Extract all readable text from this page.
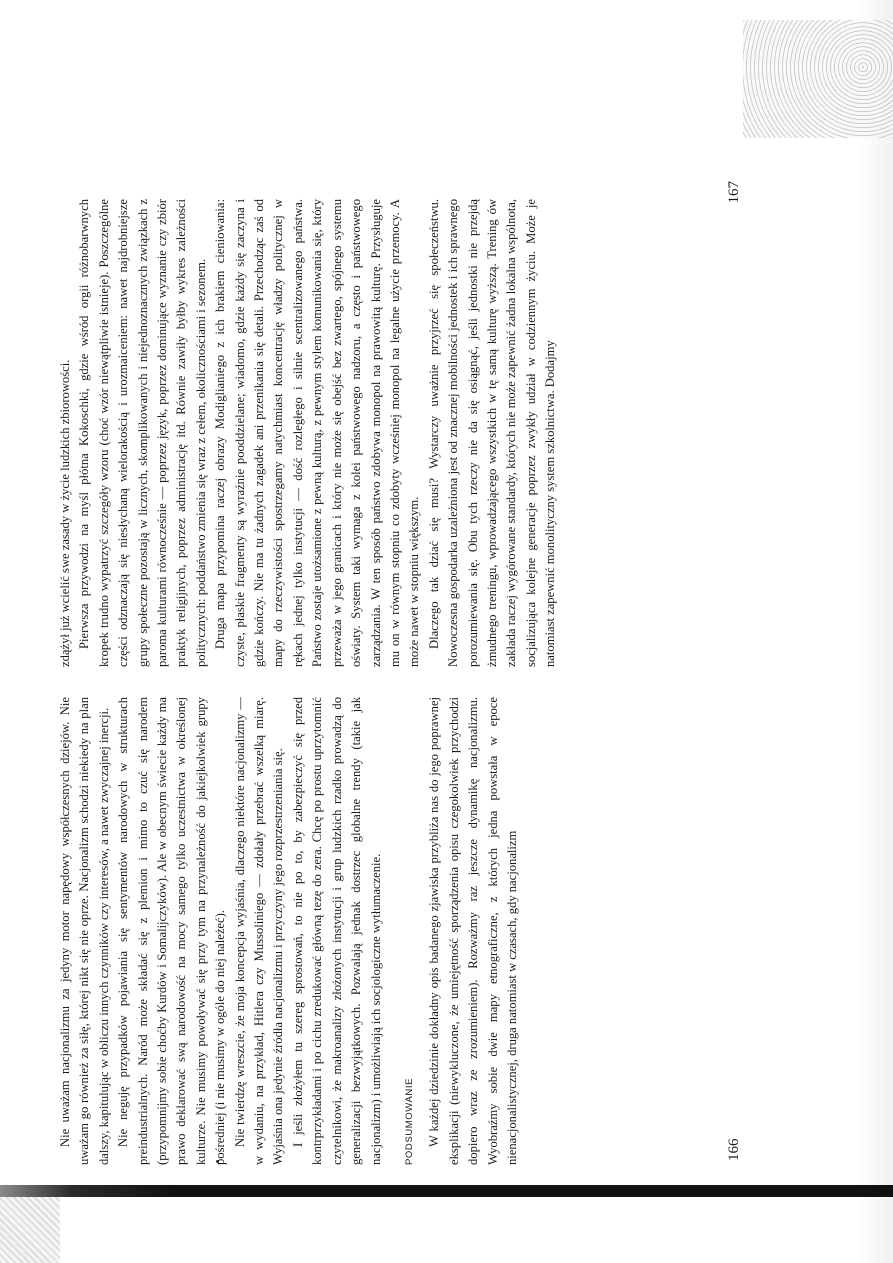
Nie uważam nacjonalizmu za jedyny motor napędowy współczesnych dziejów. Nie uważam go również za siłę, której nikt się nie oprze. Nacjonalizm schodzi niekiedy na plan dalszy, kapitulując w obliczu innych czynników czy interesów, a nawet zwyczajnej inercji. Nie neguję przypadków pojawiania się sentymentów narodowych w strukturach preindustrialnych. Naród może składać się z plemion i mimo to czuć się narodem (przypomnijmy sobie choćby Kurdów i Somalijczyków). Ale w obecnym świecie każdy ma prawo deklarować swą narodowość na mocy samego tylko uczestnictwa w określonej kulturze. Nie musimy powoływać się przy tym na przynależność do jakiejkolwiek grupy pośredniej (i nie musimy w ogóle do niej należeć). Nie twierdzę wreszcie, że moja koncepcja wyjaśnia, dlaczego niektóre nacjonalizmy — w wydaniu, na przykład, Hitlera czy Mussoliniego — zdołały przebrać wszelką miarę. Wyjaśnia ona jedynie źródła nacjonalizmu i przyczyny jego rozprzestrzeniania się. I jeśli złożyłem tu szereg sprostowań, to nie po to, by zabezpieczyć się przed kontrprzykładami i po cichu zredukować główną tezę do zera. Chcę po prostu uprzytomnić czytelnikowi, że makroanalizy złożonych instytucji i grup ludzkich rzadko prowadzą do generalizacji bezwyjątkowych. Pozwalają jednak dostrzec globalne trendy (takie jak nacjonalizm) i umożliwiają ich socjologiczne wytłumaczenie.	PODSUMOWANIE W każdej dziedzinie dokładny opis badanego zjawiska przybliża nas do jego poprawnej eksplikacji (niewykluczone, że umiejętność sporządzenia opisu czegokolwiek przychodzi dopiero wraz ze zrozumieniem). Rozważmy raz jeszcze dynamikę nacjonalizmu. Wyobraźmy sobie dwie mapy etnograficzne, z których jedna powstała w epoce nienacjonalistycznej, druga natomiast w czasach, gdy nacjonalizm

zdążył już wcielić swe zasady w życie ludzkich zbiorowości. Pierwsza przywodzi na myśl płótna Kokoschki, gdzie wśród orgii różnobarwnych kropek trudno wypatrzyć szczegóły wzoru (choć wzór niewątpliwie istnieje). Poszczególne części odznaczają się niesłychaną wielorakością i urozmaiceniem: nawet najdrobniejsze grupy społeczne pozostają w licznych, skomplikowanych i niejednoznacznych związkach z paroma kulturami równocześnie — poprzez język, poprzez dominujące wyznanie czy zbiór praktyk religijnych, poprzez administrację itd. Równie zawiły byłby wykres zależności politycznych: poddaństwo zmienia się wraz z cełem, okolicznościami i sezonem. Druga mapa przypomina raczej obrazy Modiglianiego z ich brakiem cieniowania: czyste, płaskie fragmenty są wyraźnie pooddzielane; wiadomo, gdzie każdy się zaczyna i gdzie kończy. Nie ma tu żadnych zagadek ani przenikania się detali. Przechodząc zaś od mapy do rzeczywistości spostrzegamy natychmiast koncentrację władzy politycznej w rękach jednej tylko instytucji — dość rozległego i silnie scentralizowanego państwa. Państwo zostaje utożsamione z pewną kulturą, z pewnym stylem komunikowania się, który przeważa w jego granicach i który nie może się obejść bez zwartego, spójnego systemu oświaty. System taki wymaga z kolei państwowego nadzoru, a często i państwowego zarządzania. W ten sposób państwo zdobywa monopol na prawowitą kulturę. Przysługuje mu on w równym stopniu co zdobyty wcześniej monopol na legalne użycie przemocy. A może nawet w stopniu większym. Dlaczego tak dziać się musi? Wystarczy uważnie przyjrzeć się społeczeństwu. Nowoczesna gospodarka uzależniona jest od znacznej mobilności jednostek i ich sprawnego porozumiewania się. Obu tych rzeczy nie da się osiągnąć, jeśli jednostki nie przejdą żmudnego treningu, wprowadzającego wszystkich w tę samą kulturę wyższą. Trening ów zakłada raczej wygórowane standardy, których nie może zapewnić żadna lokalna wspólnota, socjalizująca kolejne generacje poprzez zwykły udział w codziennym życiu. Może je natomiast zapewnić monolityczny system szkolnictwa. Dodajmy

166
167
